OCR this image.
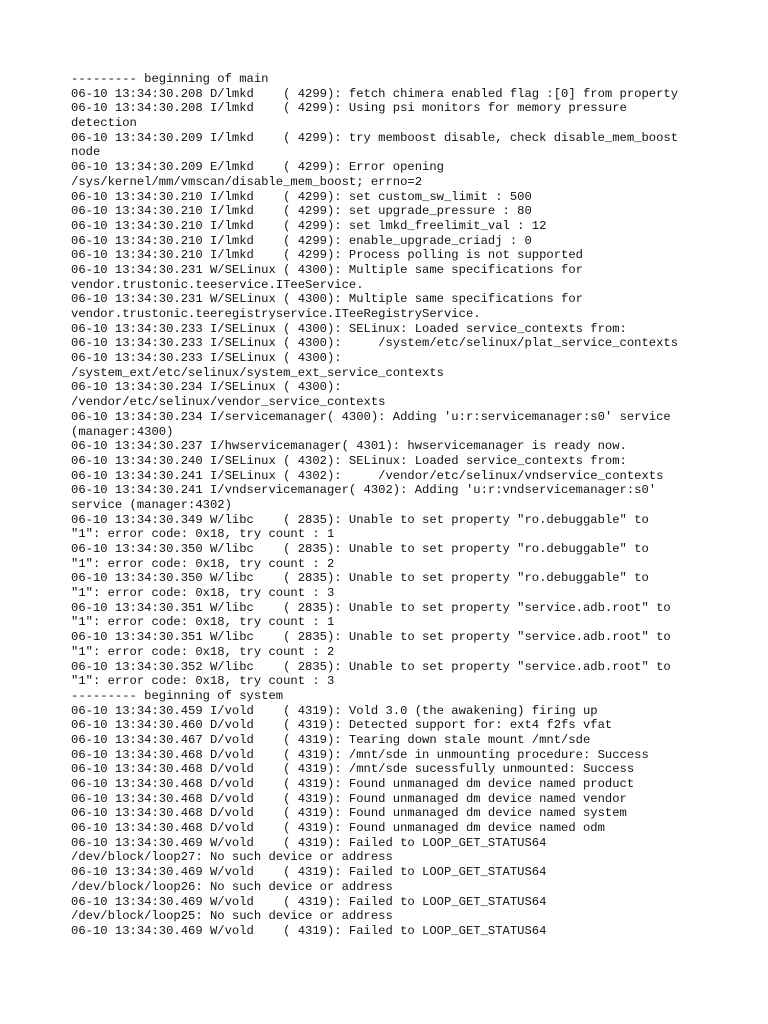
--------- beginning of main
06-10 13:34:30.208 D/lmkd    ( 4299): fetch chimera enabled flag :[0] from property
06-10 13:34:30.208 I/lmkd    ( 4299): Using psi monitors for memory pressure
detection
06-10 13:34:30.209 I/lmkd    ( 4299): try memboost disable, check disable_mem_boost
node
06-10 13:34:30.209 E/lmkd    ( 4299): Error opening
/sys/kernel/mm/vmscan/disable_mem_boost; errno=2
06-10 13:34:30.210 I/lmkd    ( 4299): set custom_sw_limit : 500
06-10 13:34:30.210 I/lmkd    ( 4299): set upgrade_pressure : 80
06-10 13:34:30.210 I/lmkd    ( 4299): set lmkd_freelimit_val : 12
06-10 13:34:30.210 I/lmkd    ( 4299): enable_upgrade_criadj : 0
06-10 13:34:30.210 I/lmkd    ( 4299): Process polling is not supported
06-10 13:34:30.231 W/SELinux ( 4300): Multiple same specifications for
vendor.trustonic.teeservice.ITeeService.
06-10 13:34:30.231 W/SELinux ( 4300): Multiple same specifications for
vendor.trustonic.teeregistryservice.ITeeRegistryService.
06-10 13:34:30.233 I/SELinux ( 4300): SELinux: Loaded service_contexts from:
06-10 13:34:30.233 I/SELinux ( 4300):     /system/etc/selinux/plat_service_contexts
06-10 13:34:30.233 I/SELinux ( 4300):
/system_ext/etc/selinux/system_ext_service_contexts
06-10 13:34:30.234 I/SELinux ( 4300):
/vendor/etc/selinux/vendor_service_contexts
06-10 13:34:30.234 I/servicemanager( 4300): Adding 'u:r:servicemanager:s0' service
(manager:4300)
06-10 13:34:30.237 I/hwservicemanager( 4301): hwservicemanager is ready now.
06-10 13:34:30.240 I/SELinux ( 4302): SELinux: Loaded service_contexts from:
06-10 13:34:30.241 I/SELinux ( 4302):     /vendor/etc/selinux/vndservice_contexts
06-10 13:34:30.241 I/vndservicemanager( 4302): Adding 'u:r:vndservicemanager:s0'
service (manager:4302)
06-10 13:34:30.349 W/libc    ( 2835): Unable to set property "ro.debuggable" to
"1": error code: 0x18, try count : 1
06-10 13:34:30.350 W/libc    ( 2835): Unable to set property "ro.debuggable" to
"1": error code: 0x18, try count : 2
06-10 13:34:30.350 W/libc    ( 2835): Unable to set property "ro.debuggable" to
"1": error code: 0x18, try count : 3
06-10 13:34:30.351 W/libc    ( 2835): Unable to set property "service.adb.root" to
"1": error code: 0x18, try count : 1
06-10 13:34:30.351 W/libc    ( 2835): Unable to set property "service.adb.root" to
"1": error code: 0x18, try count : 2
06-10 13:34:30.352 W/libc    ( 2835): Unable to set property "service.adb.root" to
"1": error code: 0x18, try count : 3
--------- beginning of system
06-10 13:34:30.459 I/vold    ( 4319): Vold 3.0 (the awakening) firing up
06-10 13:34:30.460 D/vold    ( 4319): Detected support for: ext4 f2fs vfat
06-10 13:34:30.467 D/vold    ( 4319): Tearing down stale mount /mnt/sde
06-10 13:34:30.468 D/vold    ( 4319): /mnt/sde in unmounting procedure: Success
06-10 13:34:30.468 D/vold    ( 4319): /mnt/sde sucessfully unmounted: Success
06-10 13:34:30.468 D/vold    ( 4319): Found unmanaged dm device named product
06-10 13:34:30.468 D/vold    ( 4319): Found unmanaged dm device named vendor
06-10 13:34:30.468 D/vold    ( 4319): Found unmanaged dm device named system
06-10 13:34:30.468 D/vold    ( 4319): Found unmanaged dm device named odm
06-10 13:34:30.469 W/vold    ( 4319): Failed to LOOP_GET_STATUS64
/dev/block/loop27: No such device or address
06-10 13:34:30.469 W/vold    ( 4319): Failed to LOOP_GET_STATUS64
/dev/block/loop26: No such device or address
06-10 13:34:30.469 W/vold    ( 4319): Failed to LOOP_GET_STATUS64
/dev/block/loop25: No such device or address
06-10 13:34:30.469 W/vold    ( 4319): Failed to LOOP_GET_STATUS64
